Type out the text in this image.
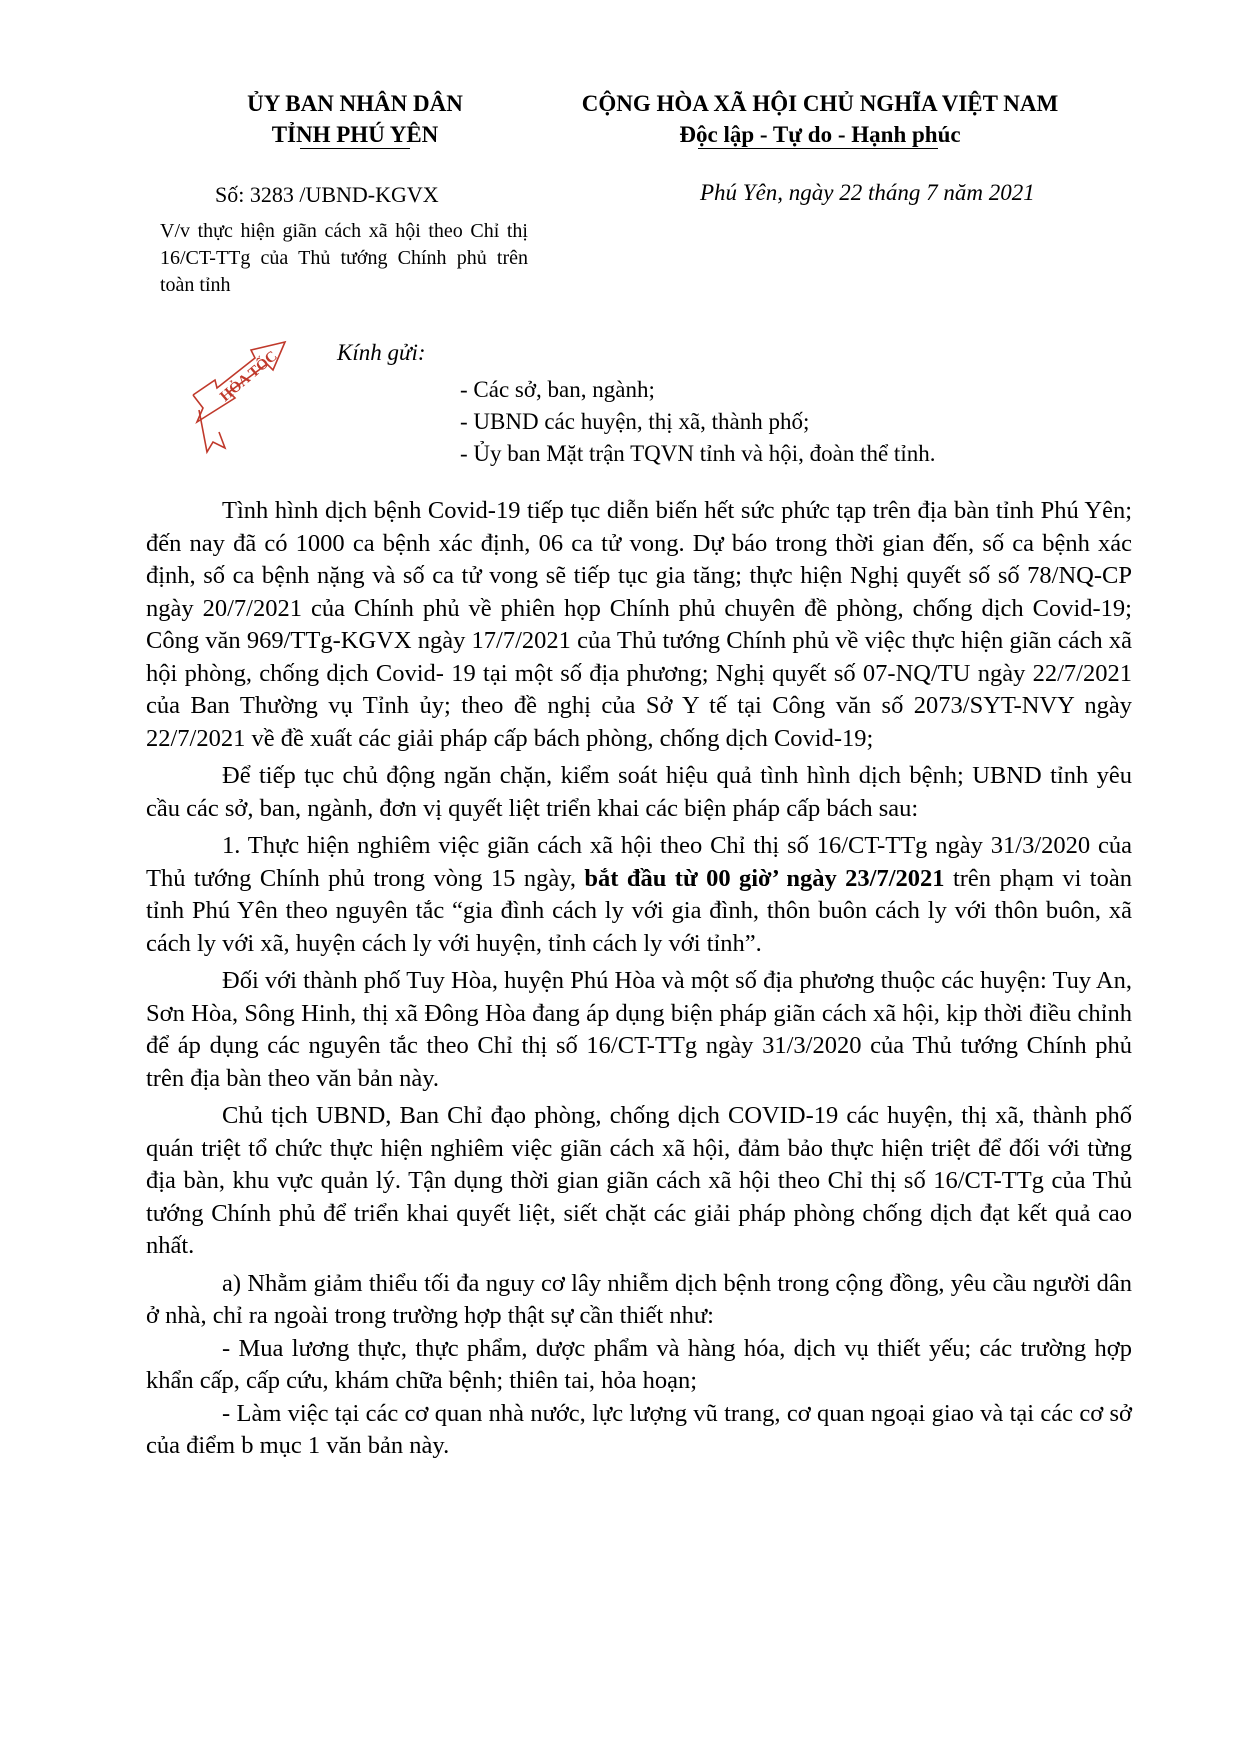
ỦY BAN NHÂN DÂN
TỈNH PHÚ YÊN
CỘNG HÒA XÃ HỘI CHỦ NGHĨA VIỆT NAM
Độc lập - Tự do - Hạnh phúc
Số: 3283 /UBND-KGVX	Phú Yên, ngày 22 tháng 7 năm 2021
V/v thực hiện giãn cách xã hội theo Chỉ thị 16/CT-TTg của Thủ tướng Chính phủ trên toàn tỉnh
HỎA TỐC Kính gửi:
- Các sở, ban, ngành;
- UBND các huyện, thị xã, thành phố;
- Ủy ban Mặt trận TQVN tỉnh và hội, đoàn thể tỉnh.

Tình hình dịch bệnh Covid-19 tiếp tục diễn biến hết sức phức tạp trên địa bàn tỉnh Phú Yên; đến nay đã có 1000 ca bệnh xác định, 06 ca tử vong. Dự báo trong thời gian đến, số ca bệnh xác định, số ca bệnh nặng và số ca tử vong sẽ tiếp tục gia tăng; thực hiện Nghị quyết số số 78/NQ-CP ngày 20/7/2021 của Chính phủ về phiên họp Chính phủ chuyên đề phòng, chống dịch Covid-19; Công văn 969/TTg-KGVX ngày 17/7/2021 của Thủ tướng Chính phủ về việc thực hiện giãn cách xã hội phòng, chống dịch Covid- 19 tại một số địa phương; Nghị quyết số 07-NQ/TU ngày 22/7/2021 của Ban Thường vụ Tỉnh ủy; theo đề nghị của Sở Y tế tại Công văn số 2073/SYT-NVY ngày 22/7/2021 về đề xuất các giải pháp cấp bách phòng, chống dịch Covid-19;

Để tiếp tục chủ động ngăn chặn, kiểm soát hiệu quả tình hình dịch bệnh; UBND tỉnh yêu cầu các sở, ban, ngành, đơn vị quyết liệt triển khai các biện pháp cấp bách sau:

1. Thực hiện nghiêm việc giãn cách xã hội theo Chỉ thị số 16/CT-TTg ngày 31/3/2020 của Thủ tướng Chính phủ trong vòng 15 ngày, bắt đầu từ 00 giờ’ ngày 23/7/2021 trên phạm vi toàn tỉnh Phú Yên theo nguyên tắc “gia đình cách ly với gia đình, thôn buôn cách ly với thôn buôn, xã cách ly với xã, huyện cách ly với huyện, tỉnh cách ly với tỉnh”.

Đối với thành phố Tuy Hòa, huyện Phú Hòa và một số địa phương thuộc các huyện: Tuy An, Sơn Hòa, Sông Hinh, thị xã Đông Hòa đang áp dụng biện pháp giãn cách xã hội, kịp thời điều chỉnh để áp dụng các nguyên tắc theo Chỉ thị số 16/CT-TTg ngày 31/3/2020 của Thủ tướng Chính phủ trên địa bàn theo văn bản này.

Chủ tịch UBND, Ban Chỉ đạo phòng, chống dịch COVID-19 các huyện, thị xã, thành phố quán triệt tổ chức thực hiện nghiêm việc giãn cách xã hội, đảm bảo thực hiện triệt để đối với từng địa bàn, khu vực quản lý. Tận dụng thời gian giãn cách xã hội theo Chỉ thị số 16/CT-TTg của Thủ tướng Chính phủ để triển khai quyết liệt, siết chặt các giải pháp phòng chống dịch đạt kết quả cao nhất.

a) Nhằm giảm thiểu tối đa nguy cơ lây nhiễm dịch bệnh trong cộng đồng, yêu cầu người dân ở nhà, chỉ ra ngoài trong trường hợp thật sự cần thiết như:

- Mua lương thực, thực phẩm, dược phẩm và hàng hóa, dịch vụ thiết yếu; các trường hợp khẩn cấp, cấp cứu, khám chữa bệnh; thiên tai, hỏa hoạn;

- Làm việc tại các cơ quan nhà nước, lực lượng vũ trang, cơ quan ngoại giao và tại các cơ sở của điểm b mục 1 văn bản này.
